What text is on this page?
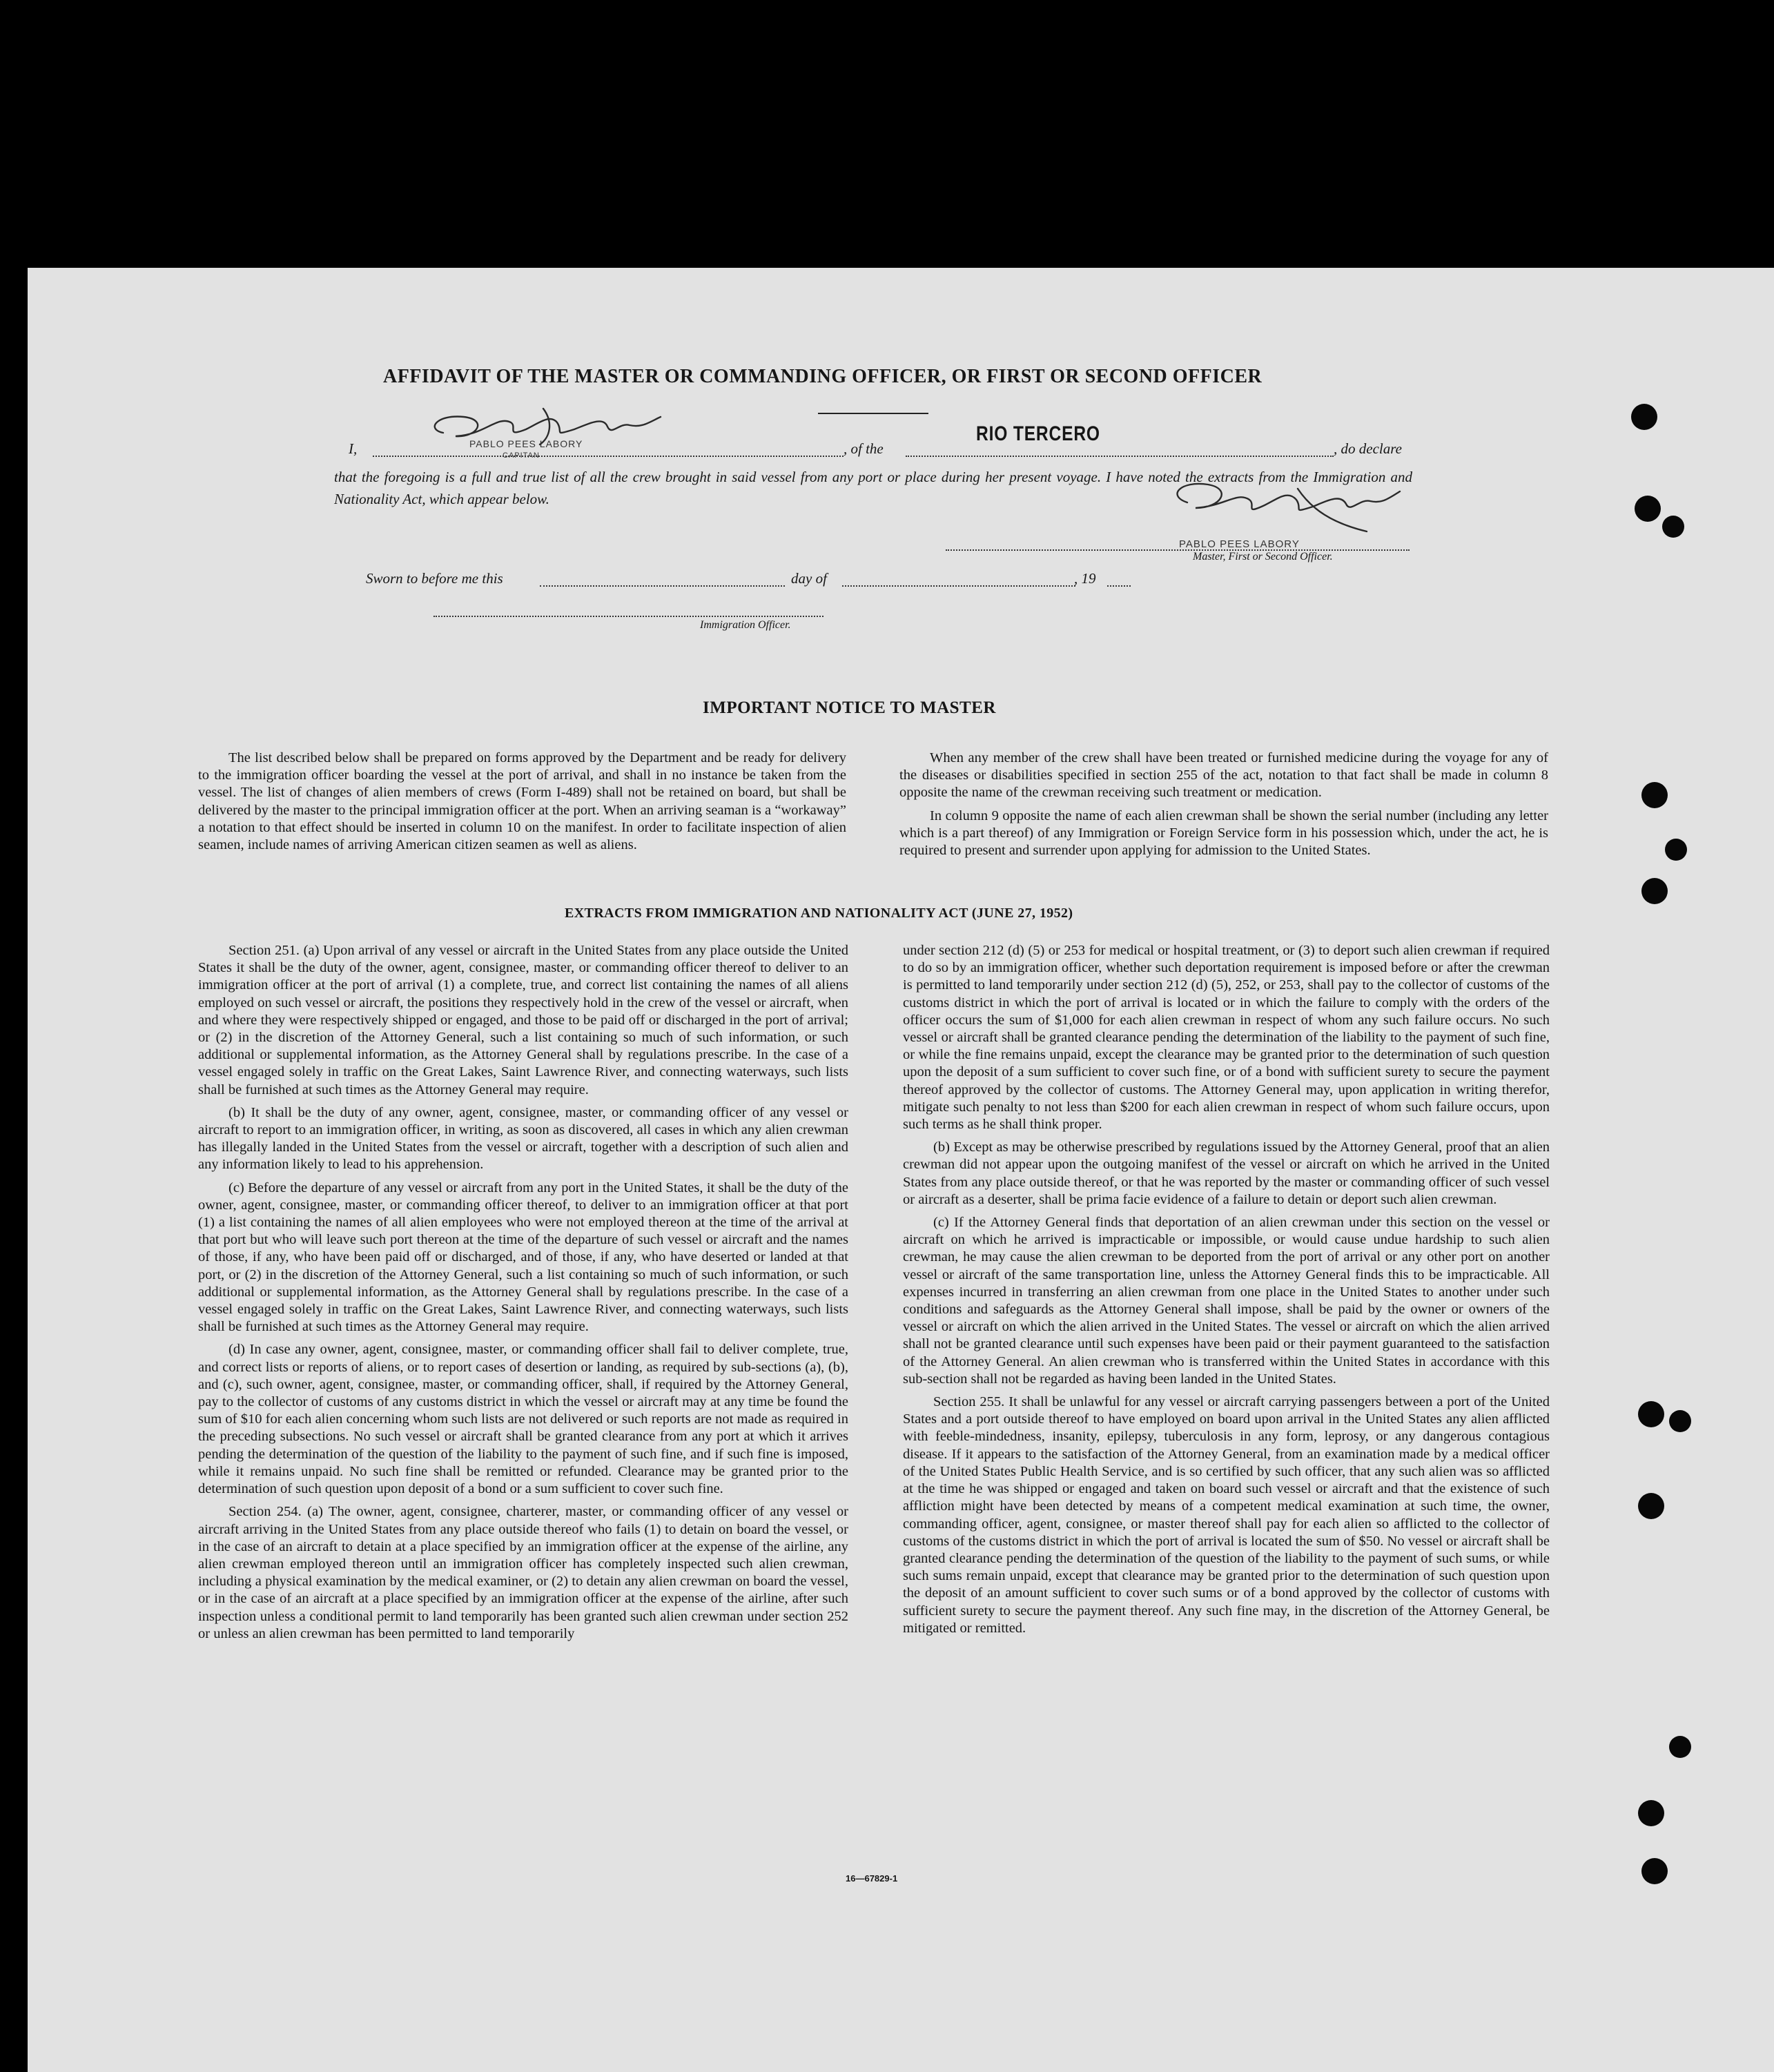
AFFIDAVIT OF THE MASTER OR COMMANDING OFFICER, OR FIRST OR SECOND OFFICER
I,	PABLO PEES LABORY
CAPITAN	, of the
RIO TERCERO
, do declare
that the foregoing is a full and true list of all the crew brought in said vessel from any port or place during her present voyage. I have noted the extracts from the Immigration and Nationality Act, which appear below.
PABLO PEES LABORY
Master, First or Second Officer.
Sworn to before me this	day of	, 19
Immigration Officer.
IMPORTANT NOTICE TO MASTER

The list described below shall be prepared on forms approved by the Department and be ready for delivery to the immigration officer boarding the vessel at the port of arrival, and shall in no instance be taken from the vessel. The list of changes of alien members of crews (Form I-489) shall not be retained on board, but shall be delivered by the master to the principal immigration officer at the port. When an arriving seaman is a “workaway” a notation to that effect should be inserted in column 10 on the manifest. In order to facilitate inspection of alien seamen, include names of arriving American citizen seamen as well as aliens.

When any member of the crew shall have been treated or furnished medicine during the voyage for any of the diseases or disabilities specified in section 255 of the act, notation to that fact shall be made in column 8 opposite the name of the crewman receiving such treatment or medication.

In column 9 opposite the name of each alien crewman shall be shown the serial number (including any letter which is a part thereof) of any Immigration or Foreign Service form in his possession which, under the act, he is required to present and surrender upon applying for admission to the United States.

EXTRACTS FROM IMMIGRATION AND NATIONALITY ACT (JUNE 27, 1952)

Section 251. (a) Upon arrival of any vessel or aircraft in the United States from any place outside the United States it shall be the duty of the owner, agent, consignee, master, or commanding officer thereof to deliver to an immigration officer at the port of arrival (1) a complete, true, and correct list containing the names of all aliens employed on such vessel or aircraft, the positions they respectively hold in the crew of the vessel or aircraft, when and where they were respectively shipped or engaged, and those to be paid off or discharged in the port of arrival; or (2) in the discretion of the Attorney General, such a list containing so much of such information, or such additional or supplemental information, as the Attorney General shall by regulations prescribe. In the case of a vessel engaged solely in traffic on the Great Lakes, Saint Lawrence River, and connecting waterways, such lists shall be furnished at such times as the Attorney General may require.

(b) It shall be the duty of any owner, agent, consignee, master, or commanding officer of any vessel or aircraft to report to an immigration officer, in writing, as soon as discovered, all cases in which any alien crewman has illegally landed in the United States from the vessel or aircraft, together with a description of such alien and any information likely to lead to his apprehension.

(c) Before the departure of any vessel or aircraft from any port in the United States, it shall be the duty of the owner, agent, consignee, master, or commanding officer thereof, to deliver to an immigration officer at that port (1) a list containing the names of all alien employees who were not employed thereon at the time of the arrival at that port but who will leave such port thereon at the time of the departure of such vessel or aircraft and the names of those, if any, who have been paid off or discharged, and of those, if any, who have deserted or landed at that port, or (2) in the discretion of the Attorney General, such a list containing so much of such information, or such additional or supplemental information, as the Attorney General shall by regulations prescribe. In the case of a vessel engaged solely in traffic on the Great Lakes, Saint Lawrence River, and connecting waterways, such lists shall be furnished at such times as the Attorney General may require.

(d) In case any owner, agent, consignee, master, or commanding officer shall fail to deliver complete, true, and correct lists or reports of aliens, or to report cases of desertion or landing, as required by sub-sections (a), (b), and (c), such owner, agent, consignee, master, or commanding officer, shall, if required by the Attorney General, pay to the collector of customs of any customs district in which the vessel or aircraft may at any time be found the sum of $10 for each alien concerning whom such lists are not delivered or such reports are not made as required in the preceding subsections. No such vessel or aircraft shall be granted clearance from any port at which it arrives pending the determination of the question of the liability to the payment of such fine, and if such fine is imposed, while it remains unpaid. No such fine shall be remitted or refunded. Clearance may be granted prior to the determination of such question upon deposit of a bond or a sum sufficient to cover such fine.

Section 254. (a) The owner, agent, consignee, charterer, master, or commanding officer of any vessel or aircraft arriving in the United States from any place outside thereof who fails (1) to detain on board the vessel, or in the case of an aircraft to detain at a place specified by an immigration officer at the expense of the airline, any alien crewman employed thereon until an immigration officer has completely inspected such alien crewman, including a physical examination by the medical examiner, or (2) to detain any alien crewman on board the vessel, or in the case of an aircraft at a place specified by an immigration officer at the expense of the airline, after such inspection unless a conditional permit to land temporarily has been granted such alien crewman under section 252 or unless an alien crewman has been permitted to land temporarily

under section 212 (d) (5) or 253 for medical or hospital treatment, or (3) to deport such alien crewman if required to do so by an immigration officer, whether such deportation requirement is imposed before or after the crewman is permitted to land temporarily under section 212 (d) (5), 252, or 253, shall pay to the collector of customs of the customs district in which the port of arrival is located or in which the failure to comply with the orders of the officer occurs the sum of $1,000 for each alien crewman in respect of whom any such failure occurs. No such vessel or aircraft shall be granted clearance pending the determination of the liability to the payment of such fine, or while the fine remains unpaid, except the clearance may be granted prior to the determination of such question upon the deposit of a sum sufficient to cover such fine, or of a bond with sufficient surety to secure the payment thereof approved by the collector of customs. The Attorney General may, upon application in writing therefor, mitigate such penalty to not less than $200 for each alien crewman in respect of whom such failure occurs, upon such terms as he shall think proper.

(b) Except as may be otherwise prescribed by regulations issued by the Attorney General, proof that an alien crewman did not appear upon the outgoing manifest of the vessel or aircraft on which he arrived in the United States from any place outside thereof, or that he was reported by the master or commanding officer of such vessel or aircraft as a deserter, shall be prima facie evidence of a failure to detain or deport such alien crewman.

(c) If the Attorney General finds that deportation of an alien crewman under this section on the vessel or aircraft on which he arrived is impracticable or impossible, or would cause undue hardship to such alien crewman, he may cause the alien crewman to be deported from the port of arrival or any other port on another vessel or aircraft of the same transportation line, unless the Attorney General finds this to be impracticable. All expenses incurred in transferring an alien crewman from one place in the United States to another under such conditions and safeguards as the Attorney General shall impose, shall be paid by the owner or owners of the vessel or aircraft on which the alien arrived in the United States. The vessel or aircraft on which the alien arrived shall not be granted clearance until such expenses have been paid or their payment guaranteed to the satisfaction of the Attorney General. An alien crewman who is transferred within the United States in accordance with this sub-section shall not be regarded as having been landed in the United States.

Section 255. It shall be unlawful for any vessel or aircraft carrying passengers between a port of the United States and a port outside thereof to have employed on board upon arrival in the United States any alien afflicted with feeble-mindedness, insanity, epilepsy, tuberculosis in any form, leprosy, or any dangerous contagious disease. If it appears to the satisfaction of the Attorney General, from an examination made by a medical officer of the United States Public Health Service, and is so certified by such officer, that any such alien was so afflicted at the time he was shipped or engaged and taken on board such vessel or aircraft and that the existence of such affliction might have been detected by means of a competent medical examination at such time, the owner, commanding officer, agent, consignee, or master thereof shall pay for each alien so afflicted to the collector of customs of the customs district in which the port of arrival is located the sum of $50. No vessel or aircraft shall be granted clearance pending the determination of the question of the liability to the payment of such sums, or while such sums remain unpaid, except that clearance may be granted prior to the determination of such question upon the deposit of an amount sufficient to cover such sums or of a bond approved by the collector of customs with sufficient surety to secure the payment thereof. Any such fine may, in the discretion of the Attorney General, be mitigated or remitted.

16—67829-1
